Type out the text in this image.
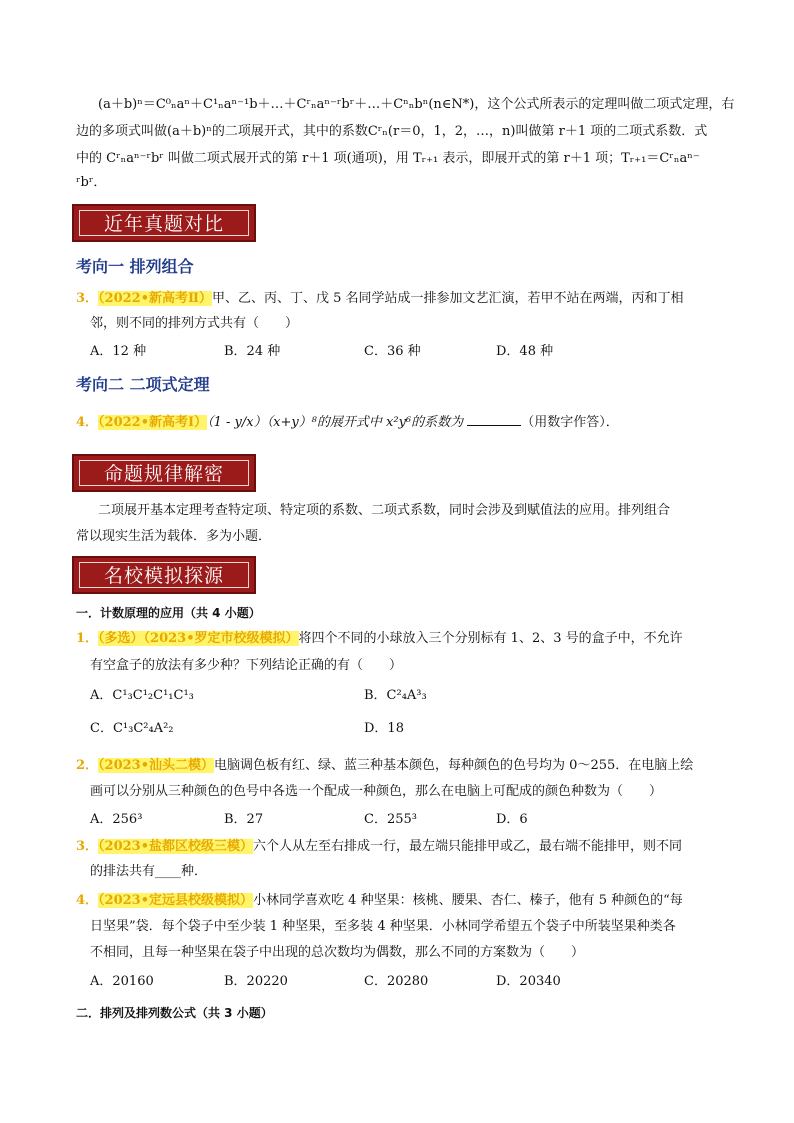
(a＋b)ⁿ＝C⁰ₙaⁿ＋C¹ₙaⁿ⁻¹b＋…＋Cʳₙaⁿ⁻ʳbʳ＋…＋Cⁿₙbⁿ(n∈N*)，这个公式所表示的定理叫做二项式定理，右
边的多项式叫做(a＋b)ⁿ的二项展开式，其中的系数Cʳₙ(r＝0，1，2，…，n)叫做第 r＋1 项的二项式系数．式
中的 Cʳₙaⁿ⁻ʳbʳ 叫做二项式展开式的第 r＋1 项(通项)，用 Tᵣ₊₁ 表示，即展开式的第 r＋1 项；Tᵣ₊₁＝Cʳₙaⁿ⁻
ʳbʳ．
近年真题对比
考向一 排列组合
3．（2022•新高考Ⅱ）甲、乙、丙、丁、戊 5 名同学站成一排参加文艺汇演，若甲不站在两端，丙和丁相
邻，则不同的排列方式共有（　　）
A．12 种	B．24 种	C．36 种	D．48 种
考向二 二项式定理
4．（2022•新高考Ⅰ）（1 - y/x）（x+y）⁸的展开式中 x²y⁶的系数为	（用数字作答）．
命题规律解密
二项展开基本定理考查特定项、特定项的系数、二项式系数，同时会涉及到赋值法的应用。排列组合
常以现实生活为载体．多为小题．
名校模拟探源
一．计数原理的应用（共 4 小题）
1．（多选）（2023•罗定市校级模拟）将四个不同的小球放入三个分别标有 1、2、3 号的盒子中，不允许
有空盒子的放法有多少种？下列结论正确的有（　　）
A．C¹₃C¹₂C¹₁C¹₃	B．C²₄A³₃
C．C¹₃C²₄A²₂	D．18
2．（2023•汕头二模）电脑调色板有红、绿、蓝三种基本颜色，每种颜色的色号均为 0～255．在电脑上绘
画可以分别从三种颜色的色号中各选一个配成一种颜色，那么在电脑上可配成的颜色种数为（　　）
A．256³	B．27	C．255³	D．6
3．（2023•盐都区校级三模）六个人从左至右排成一行，最左端只能排甲或乙，最右端不能排甲，则不同
的排法共有____种．
4．（2023•定远县校级模拟）小林同学喜欢吃 4 种坚果：核桃、腰果、杏仁、榛子，他有 5 种颜色的“每
日坚果”袋．每个袋子中至少装 1 种坚果，至多装 4 种坚果．小林同学希望五个袋子中所装坚果种类各
不相同，且每一种坚果在袋子中出现的总次数均为偶数，那么不同的方案数为（　　）
A．20160	B．20220	C．20280	D．20340
二．排列及排列数公式（共 3 小题）
